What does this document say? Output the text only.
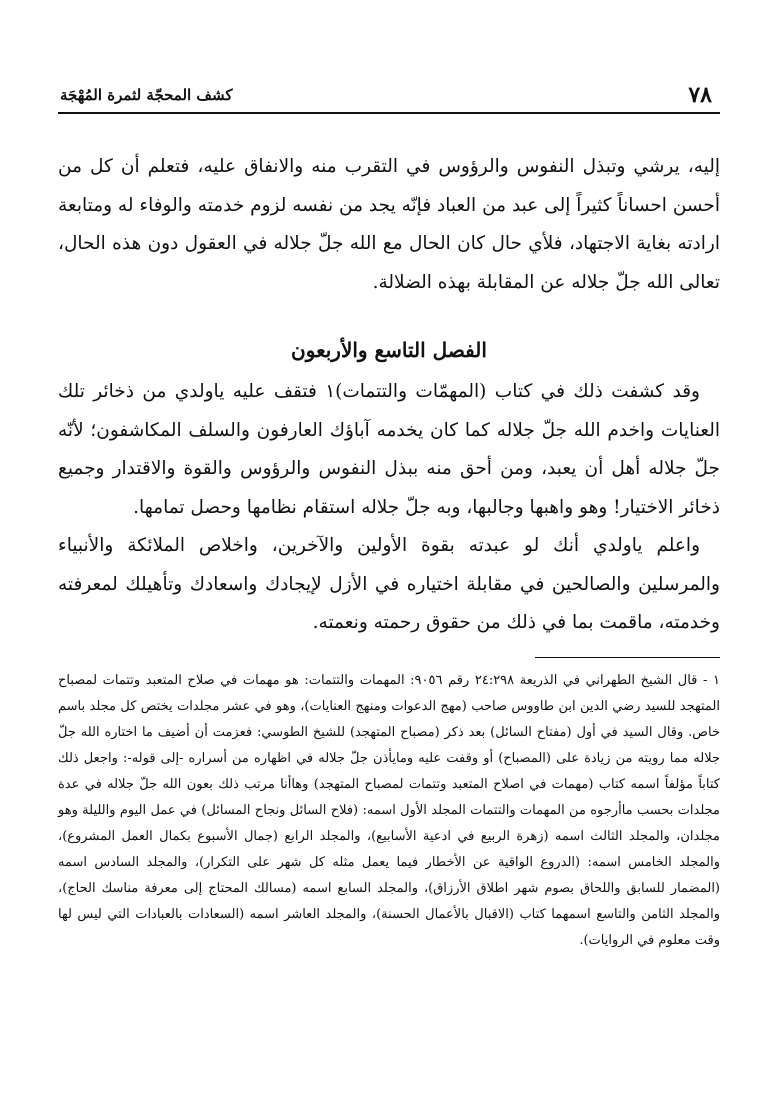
٧٨
كشف المحجّة لثمرة المُهْجَة

إليه، يرشي وتبذل النفوس والرؤوس في التقرب منه والانفاق عليه، فتعلم أن كل من أحسن احساناً كثيراً إلى عبد من العباد فإنّه يجد من نفسه لزوم خدمته والوفاء له ومتابعة ارادته بغاية الاجتهاد، فلأي حال كان الحال مع الله جلّ جلاله في العقول دون هذه الحال، تعالى الله جلّ جلاله عن المقابلة بهذه الضلالة.

الفصل التاسع والأربعون

وقد كشفت ذلك في كتاب (المهمّات والتتمات)١ فتقف عليه ياولدي من ذخائر تلك العنايات واخدم الله جلّ جلاله كما كان يخدمه آباؤك العارفون والسلف المكاشفون؛ لأنّه جلّ جلاله أهل أن يعبد، ومن أحق منه ببذل النفوس والرؤوس والقوة والاقتدار وجميع ذخائر الاختيار! وهو واهبها وجالبها، وبه جلّ جلاله استقام نظامها وحصل تمامها.

واعلم ياولدي أنك لو عبدته بقوة الأولين والآخرين، واخلاص الملائكة والأنبياء والمرسلين والصالحين في مقابلة اختياره في الأزل لإيجادك واسعادك وتأهيلك لمعرفته وخدمته، ماقمت بما في ذلك من حقوق رحمته ونعمته.

١ - قال الشيخ الطهراني في الذريعة ٢٤:٢٩٨ رقم ٩٠٥٦: المهمات والتتمات: هو مهمات في صلاح المتعبد وتتمات لمصباح المتهجد للسيد رضي الدين ابن طاووس صاحب (مهج الدعوات ومنهج العنايات)، وهو في عشر مجلدات يختص كل مجلد باسم خاص. وقال السيد في أول (مفتاح السائل) بعد ذكر (مصباح المتهجد) للشيخ الطوسي: فعزمت أن أضيف ما اختاره الله جلّ جلاله مما رويته من زيادة على (المصباح) أو وقفت عليه ومايأذن جلّ جلاله في اظهاره من أسراره -إلى قوله-: واجعل ذلك كتاباً مؤلفاً اسمه كتاب (مهمات في اصلاح المتعبد وتتمات لمصباح المتهجد) وهاأنا مرتب ذلك بعون الله جلّ جلاله في عدة مجلدات بحسب ماأرجوه من المهمات والتتمات المجلد الأول اسمه: (فلاح السائل ونجاح المسائل) في عمل اليوم والليلة وهو مجلدان، والمجلد الثالث اسمه (زهرة الربيع في ادعية الأسابيع)، والمجلد الرابع (جمال الأسبوع بكمال العمل المشروع)، والمجلد الخامس اسمه: (الدروع الواقية عن الأخطار فيما يعمل مثله كل شهر على التكرار)، والمجلد السادس اسمه (المضمار للسابق واللحاق بصوم شهر اطلاق الأرزاق)، والمجلد السابع اسمه (مسالك المحتاج إلى معرفة مناسك الحاج)، والمجلد الثامن والتاسع اسمهما كتاب (الاقبال بالأعمال الحسنة)، والمجلد العاشر اسمه (السعادات بالعبادات التي ليس لها وقت معلوم في الروايات).
